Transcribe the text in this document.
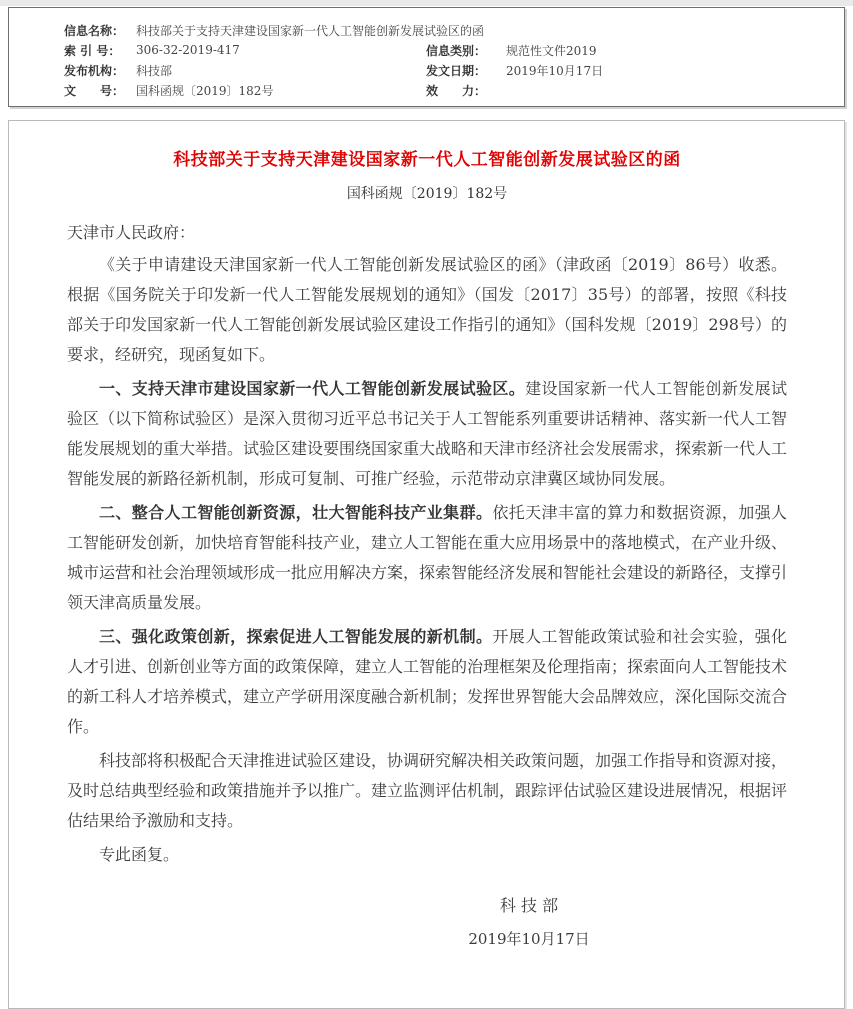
信息名称： 科技部关于支持天津建设国家新一代人工智能创新发展试验区的函
索 引 号：	306-32-2019-417	信息类别：	规范性文件2019
发布机构： 科技部	发文日期：	2019年10月17日
文　　号： 国科函规〔2019〕182号	效　　力：
科技部关于支持天津建设国家新一代人工智能创新发展试验区的函
国科函规〔2019〕182号
天津市人民政府：

《关于申请建设天津国家新一代人工智能创新发展试验区的函》（津政函〔2019〕86号）收悉。根据《国务院关于印发新一代人工智能发展规划的通知》（国发〔2017〕35号）的部署，按照《科技部关于印发国家新一代人工智能创新发展试验区建设工作指引的通知》（国科发规〔2019〕298号）的要求，经研究，现函复如下。

一、支持天津市建设国家新一代人工智能创新发展试验区。建设国家新一代人工智能创新发展试验区（以下简称试验区）是深入贯彻习近平总书记关于人工智能系列重要讲话精神、落实新一代人工智能发展规划的重大举措。试验区建设要围绕国家重大战略和天津市经济社会发展需求，探索新一代人工智能发展的新路径新机制，形成可复制、可推广经验，示范带动京津冀区域协同发展。

二、整合人工智能创新资源，壮大智能科技产业集群。依托天津丰富的算力和数据资源，加强人工智能研发创新，加快培育智能科技产业，建立人工智能在重大应用场景中的落地模式，在产业升级、城市运营和社会治理领域形成一批应用解决方案，探索智能经济发展和智能社会建设的新路径，支撑引领天津高质量发展。

三、强化政策创新，探索促进人工智能发展的新机制。开展人工智能政策试验和社会实验，强化人才引进、创新创业等方面的政策保障，建立人工智能的治理框架及伦理指南；探索面向人工智能技术的新工科人才培养模式，建立产学研用深度融合新机制；发挥世界智能大会品牌效应，深化国际交流合作。

科技部将积极配合天津推进试验区建设，协调研究解决相关政策问题，加强工作指导和资源对接，及时总结典型经验和政策措施并予以推广。建立监测评估机制，跟踪评估试验区建设进展情况，根据评估结果给予激励和支持。

专此函复。

科 技 部
2019年10月17日
